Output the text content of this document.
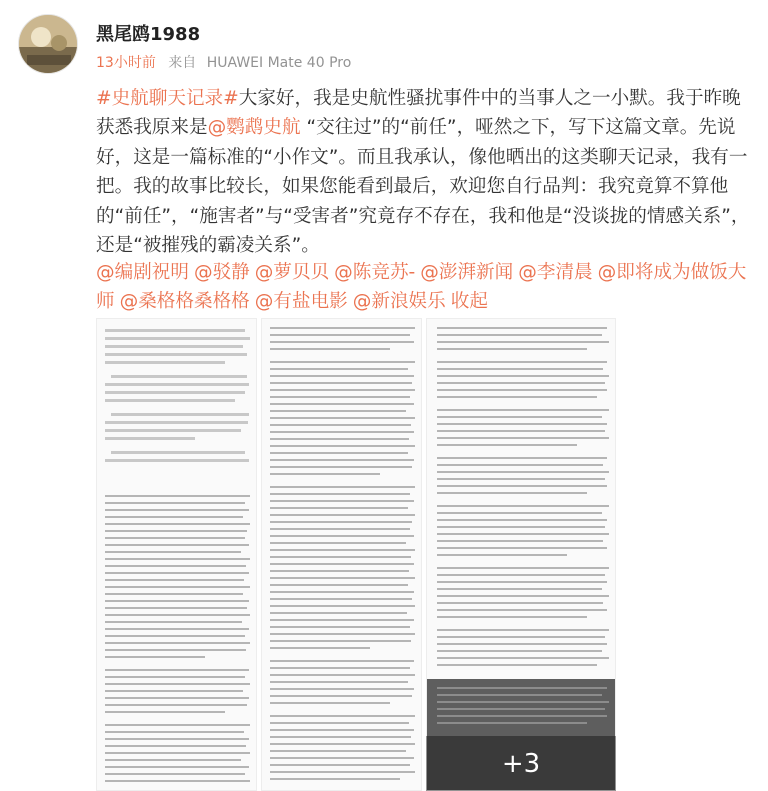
黑尾鸥1988
13小时前 来自 HUAWEI Mate 40 Pro
#史航聊天记录#大家好，我是史航性骚扰事件中的当事人之一小默。我于昨晚获悉我原来是@鹦鹉史航 “交往过”的“前任”，哑然之下，写下这篇文章。先说好，这是一篇标准的“小作文”。而且我承认，像他晒出的这类聊天记录，我有一把。我的故事比较长，如果您能看到最后，欢迎您自行品判：我究竟算不算他的“前任”，“施害者”与“受害者”究竟存不存在，我和他是“没谈拢的情感关系”，还是“被摧残的霸凌关系”。
@编剧祝明 @驳静 @萝贝贝 @陈竞苏- @澎湃新闻 @李清晨 @即将成为做饭大师 @桑格格桑格格 @有盐电影 @新浪娱乐 收起
+3
